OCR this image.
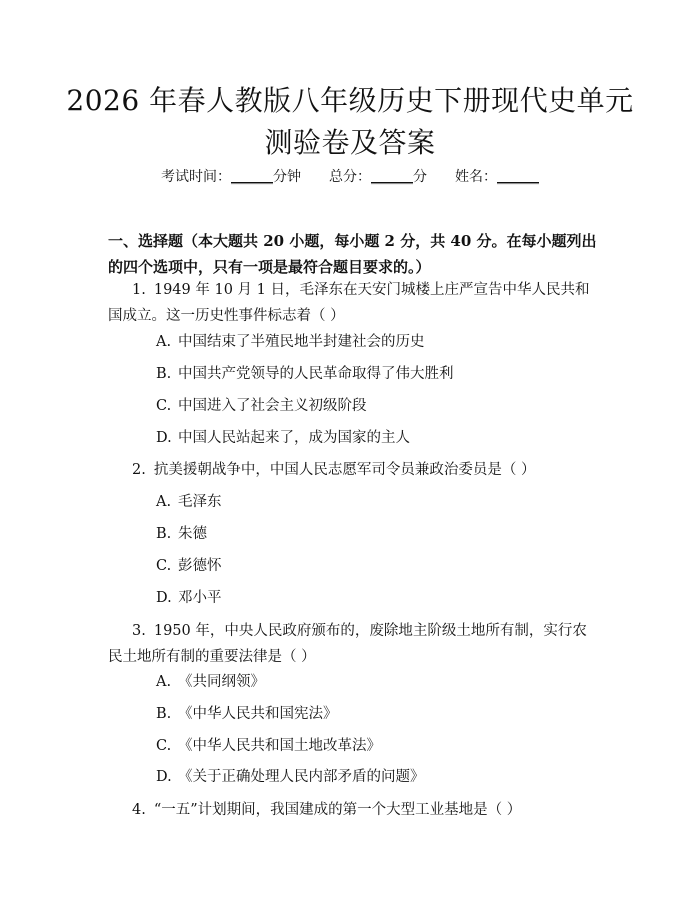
2026 年春人教版八年级历史下册现代史单元
测验卷及答案
考试时间：______分钟 总分：______分 姓名：______
一、选择题（本大题共 20 小题，每小题 2 分，共 40 分。在每小题列出的四个选项中，只有一项是最符合题目要求的。）
1. 1949 年 10 月 1 日，毛泽东在天安门城楼上庄严宣告中华人民共和国成立。这一历史性事件标志着（ ）
A. 中国结束了半殖民地半封建社会的历史
B. 中国共产党领导的人民革命取得了伟大胜利
C. 中国进入了社会主义初级阶段
D. 中国人民站起来了，成为国家的主人
2. 抗美援朝战争中，中国人民志愿军司令员兼政治委员是（ ）
A. 毛泽东
B. 朱德
C. 彭德怀
D. 邓小平
3. 1950 年，中央人民政府颁布的，废除地主阶级土地所有制，实行农民土地所有制的重要法律是（ ）
A. 《共同纲领》
B. 《中华人民共和国宪法》
C. 《中华人民共和国土地改革法》
D. 《关于正确处理人民内部矛盾的问题》
4. “一五”计划期间，我国建成的第一个大型工业基地是（ ）
